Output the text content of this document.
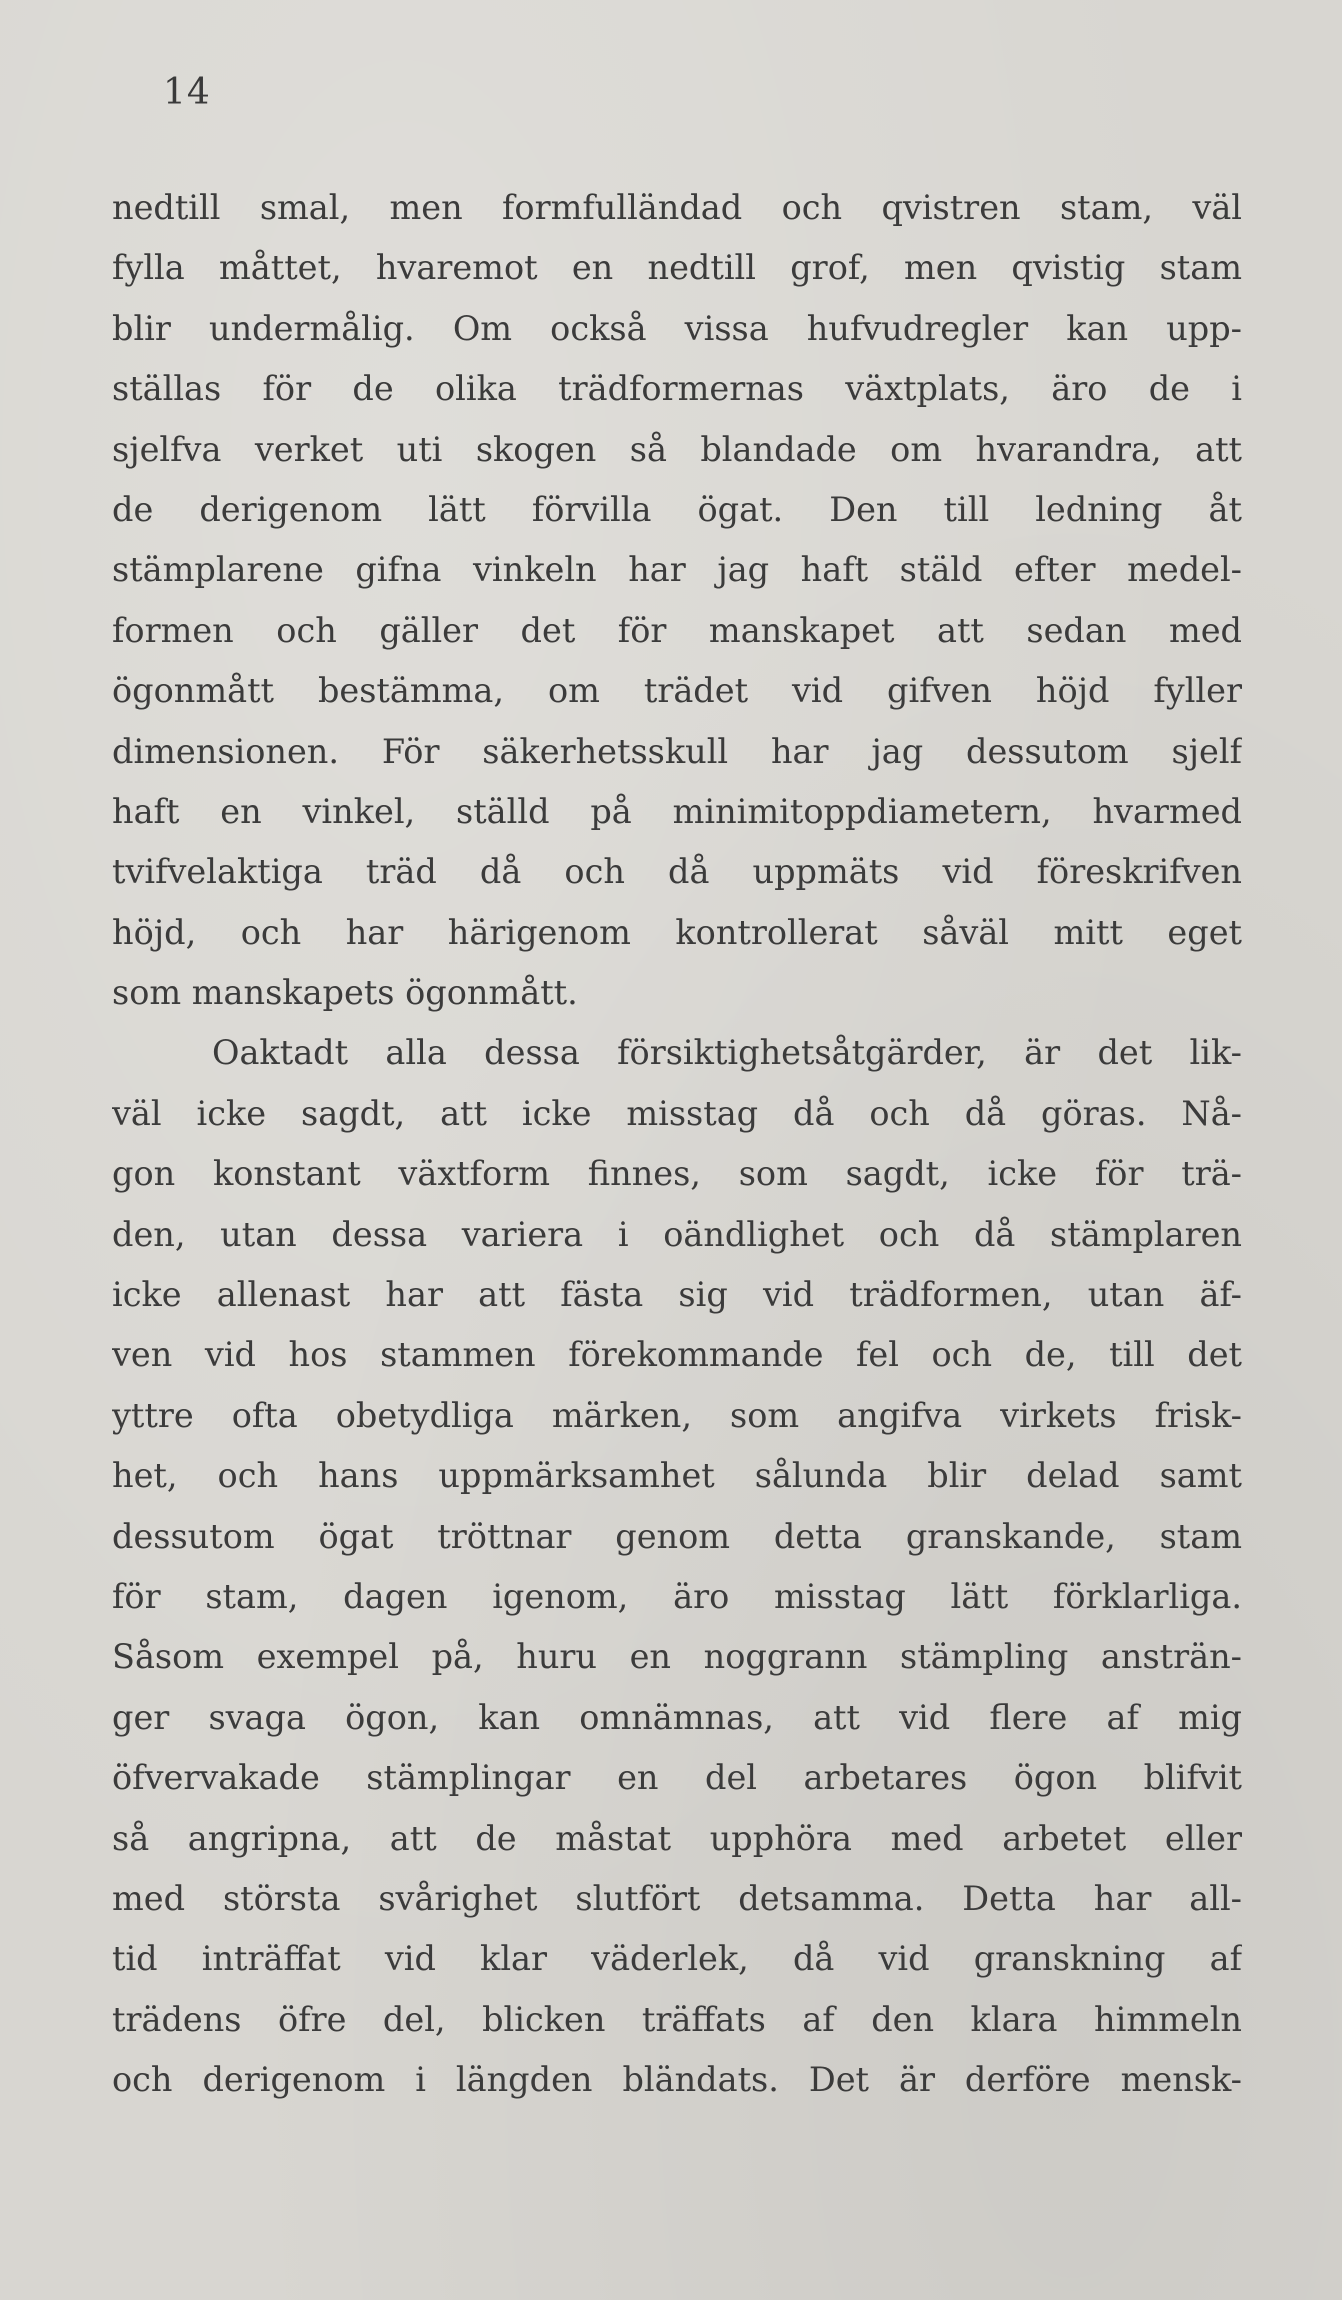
14
nedtill smal, men formfulländad och qvistren stam, väl
fylla måttet, hvaremot en nedtill grof, men qvistig stam
blir undermålig. Om också vissa hufvudregler kan upp-
ställas för de olika trädformernas växtplats, äro de i
sjelfva verket uti skogen så blandade om hvarandra, att
de derigenom lätt förvilla ögat. Den till ledning åt
stämplarene gifna vinkeln har jag haft stäld efter medel-
formen och gäller det för manskapet att sedan med
ögonmått bestämma, om trädet vid gifven höjd fyller
dimensionen. För säkerhetsskull har jag dessutom sjelf
haft en vinkel, ställd på minimitoppdiametern, hvarmed
tvifvelaktiga träd då och då uppmäts vid föreskrifven
höjd, och har härigenom kontrollerat såväl mitt eget
som manskapets ögonmått.
Oaktadt alla dessa försiktighetsåtgärder, är det lik-
väl icke sagdt, att icke misstag då och då göras. Nå-
gon konstant växtform finnes, som sagdt, icke för trä-
den, utan dessa variera i oändlighet och då stämplaren
icke allenast har att fästa sig vid trädformen, utan äf-
ven vid hos stammen förekommande fel och de, till det
yttre ofta obetydliga märken, som angifva virkets frisk-
het, och hans uppmärksamhet sålunda blir delad samt
dessutom ögat tröttnar genom detta granskande, stam
för stam, dagen igenom, äro misstag lätt förklarliga.
Såsom exempel på, huru en noggrann stämpling ansträn-
ger svaga ögon, kan omnämnas, att vid flere af mig
öfvervakade stämplingar en del arbetares ögon blifvit
så angripna, att de måstat upphöra med arbetet eller
med största svårighet slutfört detsamma. Detta har all-
tid inträffat vid klar väderlek, då vid granskning af
trädens öfre del, blicken träffats af den klara himmeln
och derigenom i längden bländats. Det är derföre mensk-
